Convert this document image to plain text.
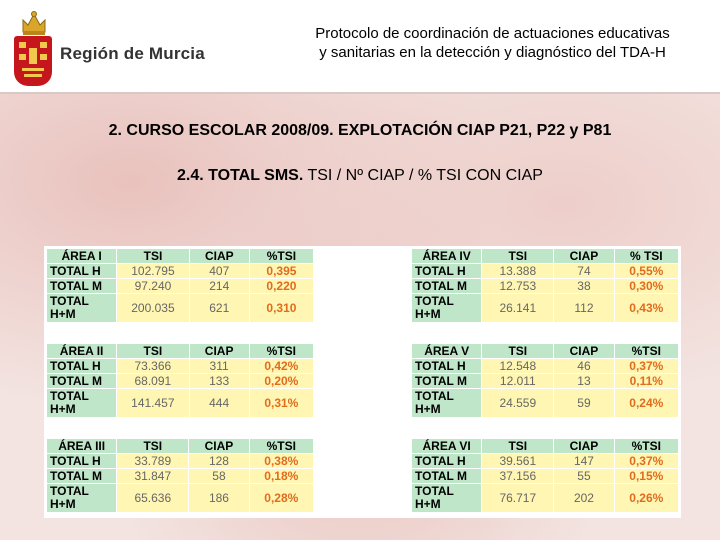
Región de Murcia
Protocolo de coordinación de actuaciones educativas
y sanitarias en la detección y diagnóstico del TDA-H
2. CURSO ESCOLAR 2008/09. EXPLOTACIÓN CIAP P21, P22 y P81
2.4. TOTAL SMS. TSI / Nº CIAP / % TSI CON CIAP
ÁREA I	TSI	CIAP	%TSI
TOTAL H	102.795	407	0,395
TOTAL M	97.240	214	0,220
TOTAL H+M	200.035	621	0,310
ÁREA IV	TSI	CIAP	% TSI
TOTAL H	13.388	74	0,55%
TOTAL M	12.753	38	0,30%
TOTAL H+M	26.141	112	0,43%
ÁREA II	TSI	CIAP	%TSI
TOTAL H	73.366	311	0,42%
TOTAL M	68.091	133	0,20%
TOTAL H+M	141.457	444	0,31%
ÁREA V	TSI	CIAP	%TSI
TOTAL H	12.548	46	0,37%
TOTAL M	12.011	13	0,11%
TOTAL H+M	24.559	59	0,24%
ÁREA III	TSI	CIAP	%TSI
TOTAL H	33.789	128	0,38%
TOTAL M	31.847	58	0,18%
TOTAL H+M	65.636	186	0,28%
ÁREA VI	TSI	CIAP	%TSI
TOTAL H	39.561	147	0,37%
TOTAL M	37.156	55	0,15%
TOTAL H+M	76.717	202	0,26%
